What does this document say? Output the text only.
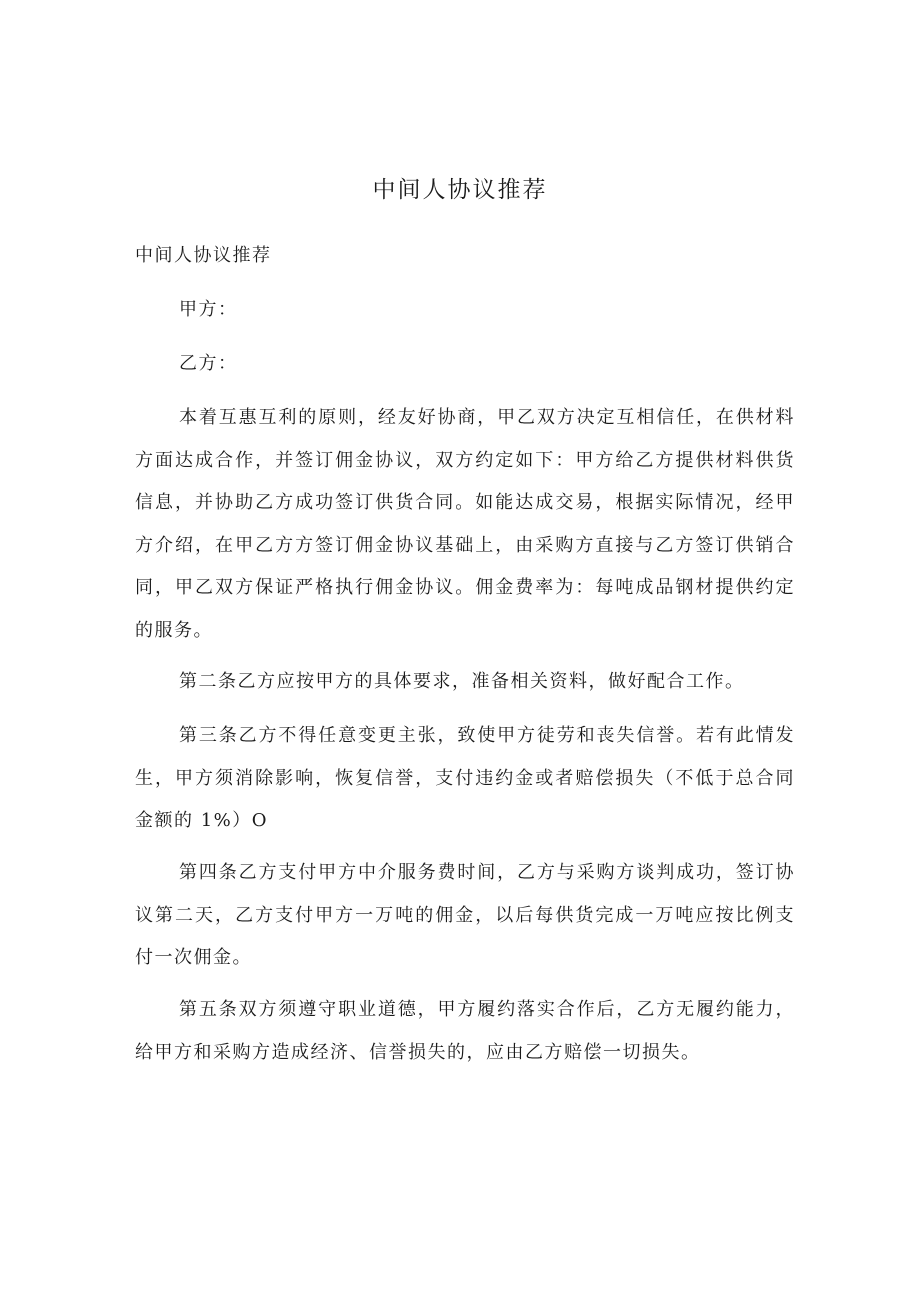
中间人协议推荐
中间人协议推荐
甲方：
乙方：
本着互惠互利的原则，经友好协商，甲乙双方决定互相信任，在供材料方面达成合作，并签订佣金协议，双方约定如下：甲方给乙方提供材料供货信息，并协助乙方成功签订供货合同。如能达成交易，根据实际情况，经甲方介绍，在甲乙方方签订佣金协议基础上，由采购方直接与乙方签订供销合同，甲乙双方保证严格执行佣金协议。佣金费率为：每吨成品钢材提供约定的服务。
第二条乙方应按甲方的具体要求，准备相关资料，做好配合工作。
第三条乙方不得任意变更主张，致使甲方徒劳和丧失信誉。若有此情发生，甲方须消除影响，恢复信誉，支付违约金或者赔偿损失（不低于总合同金额的 1%）O
第四条乙方支付甲方中介服务费时间，乙方与采购方谈判成功，签订协议第二天，乙方支付甲方一万吨的佣金，以后每供货完成一万吨应按比例支付一次佣金。
第五条双方须遵守职业道德，甲方履约落实合作后，乙方无履约能力，给甲方和采购方造成经济、信誉损失的，应由乙方赔偿一切损失。
